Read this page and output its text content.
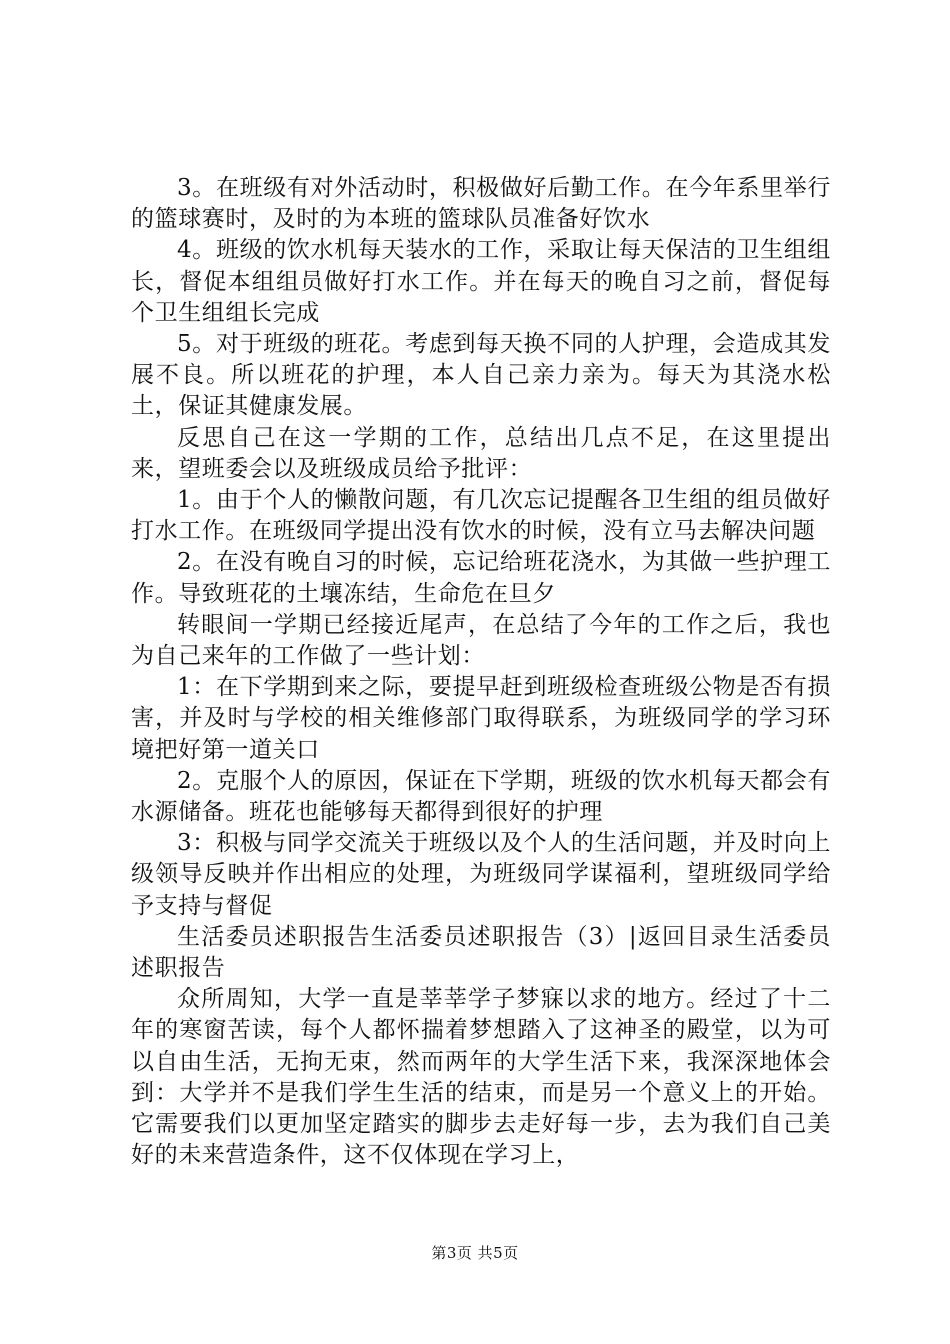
3。在班级有对外活动时，积极做好后勤工作。在今年系里举行的篮球赛时，及时的为本班的篮球队员准备好饮水

4。班级的饮水机每天装水的工作，采取让每天保洁的卫生组组长，督促本组组员做好打水工作。并在每天的晚自习之前，督促每个卫生组组长完成

5。对于班级的班花。考虑到每天换不同的人护理，会造成其发展不良。所以班花的护理，本人自己亲力亲为。每天为其浇水松土，保证其健康发展。

反思自己在这一学期的工作，总结出几点不足，在这里提出来，望班委会以及班级成员给予批评：

1。由于个人的懒散问题，有几次忘记提醒各卫生组的组员做好打水工作。在班级同学提出没有饮水的时候，没有立马去解决问题

2。在没有晚自习的时候，忘记给班花浇水，为其做一些护理工作。导致班花的土壤冻结，生命危在旦夕

转眼间一学期已经接近尾声，在总结了今年的工作之后，我也为自己来年的工作做了一些计划：

1：在下学期到来之际，要提早赶到班级检查班级公物是否有损害，并及时与学校的相关维修部门取得联系，为班级同学的学习环境把好第一道关口

2。克服个人的原因，保证在下学期，班级的饮水机每天都会有水源储备。班花也能够每天都得到很好的护理

3：积极与同学交流关于班级以及个人的生活问题，并及时向上级领导反映并作出相应的处理，为班级同学谋福利，望班级同学给予支持与督促

生活委员述职报告生活委员述职报告（3）|返回目录生活委员述职报告

众所周知，大学一直是莘莘学子梦寐以求的地方。经过了十二年的寒窗苦读，每个人都怀揣着梦想踏入了这神圣的殿堂，以为可以自由生活，无拘无束，然而两年的大学生活下来，我深深地体会到：大学并不是我们学生生活的结束，而是另一个意义上的开始。它需要我们以更加坚定踏实的脚步去走好每一步，去为我们自己美好的未来营造条件，这不仅体现在学习上，

第3页 共5页
